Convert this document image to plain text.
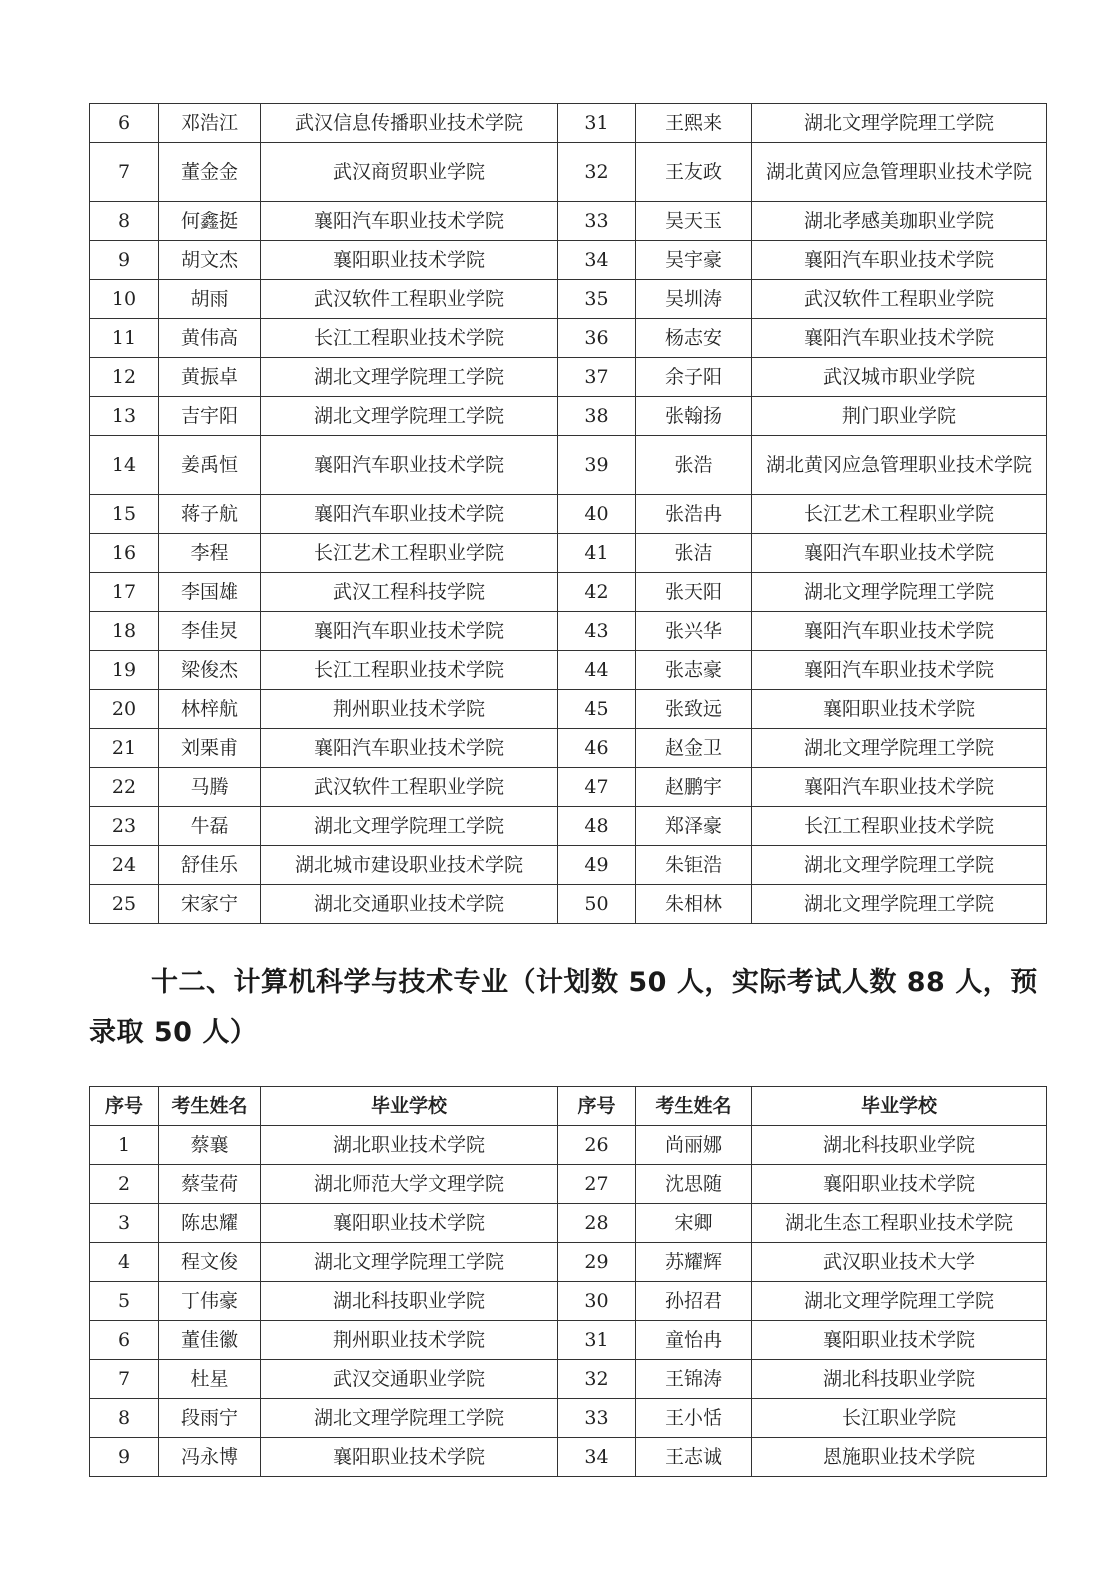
6	邓浩江	武汉信息传播职业技术学院	31	王熙来	湖北文理学院理工学院
7	董金金	武汉商贸职业学院	32	王友政	湖北黄冈应急管理职业技术学院
8	何鑫挺	襄阳汽车职业技术学院	33	吴天玉	湖北孝感美珈职业学院
9	胡文杰	襄阳职业技术学院	34	吴宇豪	襄阳汽车职业技术学院
10	胡雨	武汉软件工程职业学院	35	吴圳涛	武汉软件工程职业学院
11	黄伟高	长江工程职业技术学院	36	杨志安	襄阳汽车职业技术学院
12	黄振卓	湖北文理学院理工学院	37	余子阳	武汉城市职业学院
13	吉宇阳	湖北文理学院理工学院	38	张翰扬	荆门职业学院
14	姜禹恒	襄阳汽车职业技术学院	39	张浩	湖北黄冈应急管理职业技术学院
15	蒋子航	襄阳汽车职业技术学院	40	张浩冉	长江艺术工程职业学院
16	李程	长江艺术工程职业学院	41	张洁	襄阳汽车职业技术学院
17	李国雄	武汉工程科技学院	42	张天阳	湖北文理学院理工学院
18	李佳炅	襄阳汽车职业技术学院	43	张兴华	襄阳汽车职业技术学院
19	梁俊杰	长江工程职业技术学院	44	张志豪	襄阳汽车职业技术学院
20	林梓航	荆州职业技术学院	45	张致远	襄阳职业技术学院
21	刘栗甫	襄阳汽车职业技术学院	46	赵金卫	湖北文理学院理工学院
22	马腾	武汉软件工程职业学院	47	赵鹏宇	襄阳汽车职业技术学院
23	牛磊	湖北文理学院理工学院	48	郑泽豪	长江工程职业技术学院
24	舒佳乐	湖北城市建设职业技术学院	49	朱钜浩	湖北文理学院理工学院
25	宋家宁	湖北交通职业技术学院	50	朱相林	湖北文理学院理工学院
十二、计算机科学与技术专业（计划数 50 人，实际考试人数 88 人，预录取 50 人）
序号	考生姓名	毕业学校	序号	考生姓名	毕业学校
1	蔡襄	湖北职业技术学院	26	尚丽娜	湖北科技职业学院
2	蔡莹荷	湖北师范大学文理学院	27	沈思随	襄阳职业技术学院
3	陈忠耀	襄阳职业技术学院	28	宋卿	湖北生态工程职业技术学院
4	程文俊	湖北文理学院理工学院	29	苏耀辉	武汉职业技术大学
5	丁伟豪	湖北科技职业学院	30	孙招君	湖北文理学院理工学院
6	董佳徽	荆州职业技术学院	31	童怡冉	襄阳职业技术学院
7	杜星	武汉交通职业学院	32	王锦涛	湖北科技职业学院
8	段雨宁	湖北文理学院理工学院	33	王小恬	长江职业学院
9	冯永博	襄阳职业技术学院	34	王志诚	恩施职业技术学院
